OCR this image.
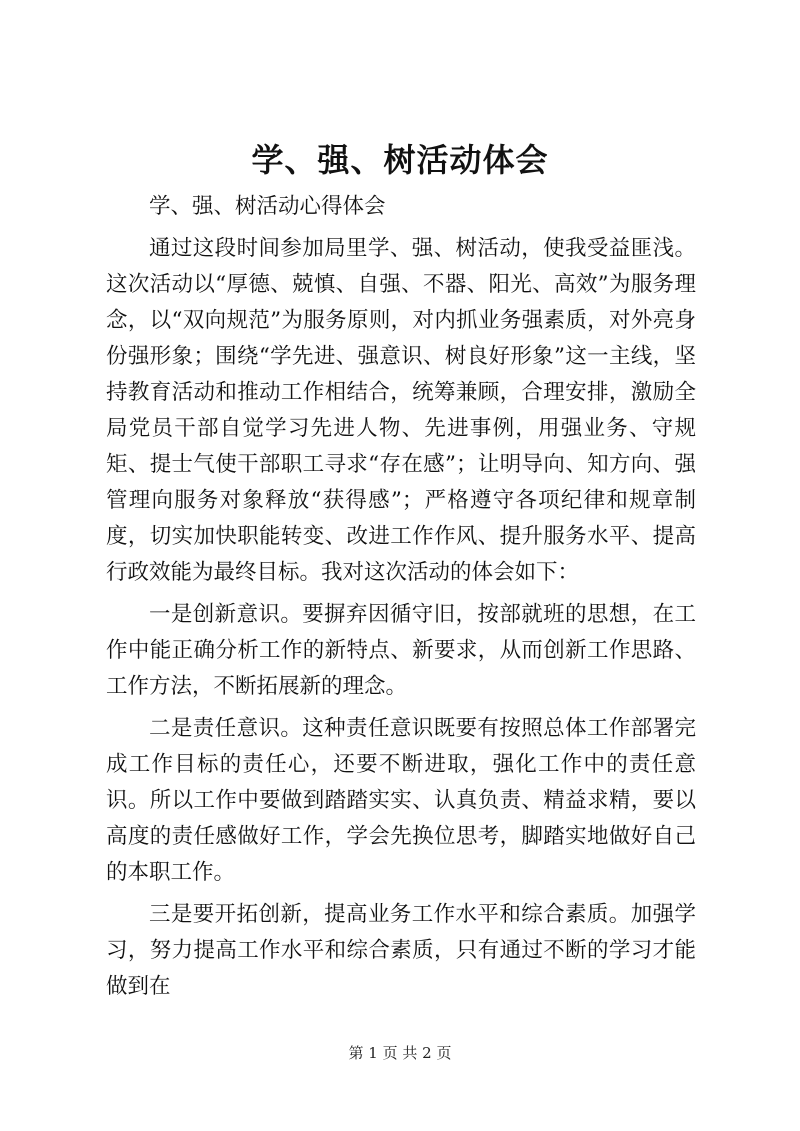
学、强、树活动体会

学、强、树活动心得体会

通过这段时间参加局里学、强、树活动，使我受益匪浅。这次活动以“厚德、兢慎、自强、不器、阳光、高效”为服务理念，以“双向规范”为服务原则，对内抓业务强素质，对外亮身份强形象；围绕“学先进、强意识、树良好形象”这一主线，坚持教育活动和推动工作相结合，统筹兼顾，合理安排，激励全局党员干部自觉学习先进人物、先进事例，用强业务、守规矩、提士气使干部职工寻求“存在感”；让明导向、知方向、强管理向服务对象释放“获得感”；严格遵守各项纪律和规章制度，切实加快职能转变、改进工作作风、提升服务水平、提高行政效能为最终目标。我对这次活动的体会如下：

一是创新意识。要摒弃因循守旧，按部就班的思想，在工作中能正确分析工作的新特点、新要求，从而创新工作思路、工作方法，不断拓展新的理念。

二是责任意识。这种责任意识既要有按照总体工作部署完成工作目标的责任心，还要不断进取，强化工作中的责任意识。所以工作中要做到踏踏实实、认真负责、精益求精，要以高度的责任感做好工作，学会先换位思考，脚踏实地做好自己的本职工作。

三是要开拓创新，提高业务工作水平和综合素质。加强学习，努力提高工作水平和综合素质，只有通过不断的学习才能做到在

第 1 页 共 2 页
